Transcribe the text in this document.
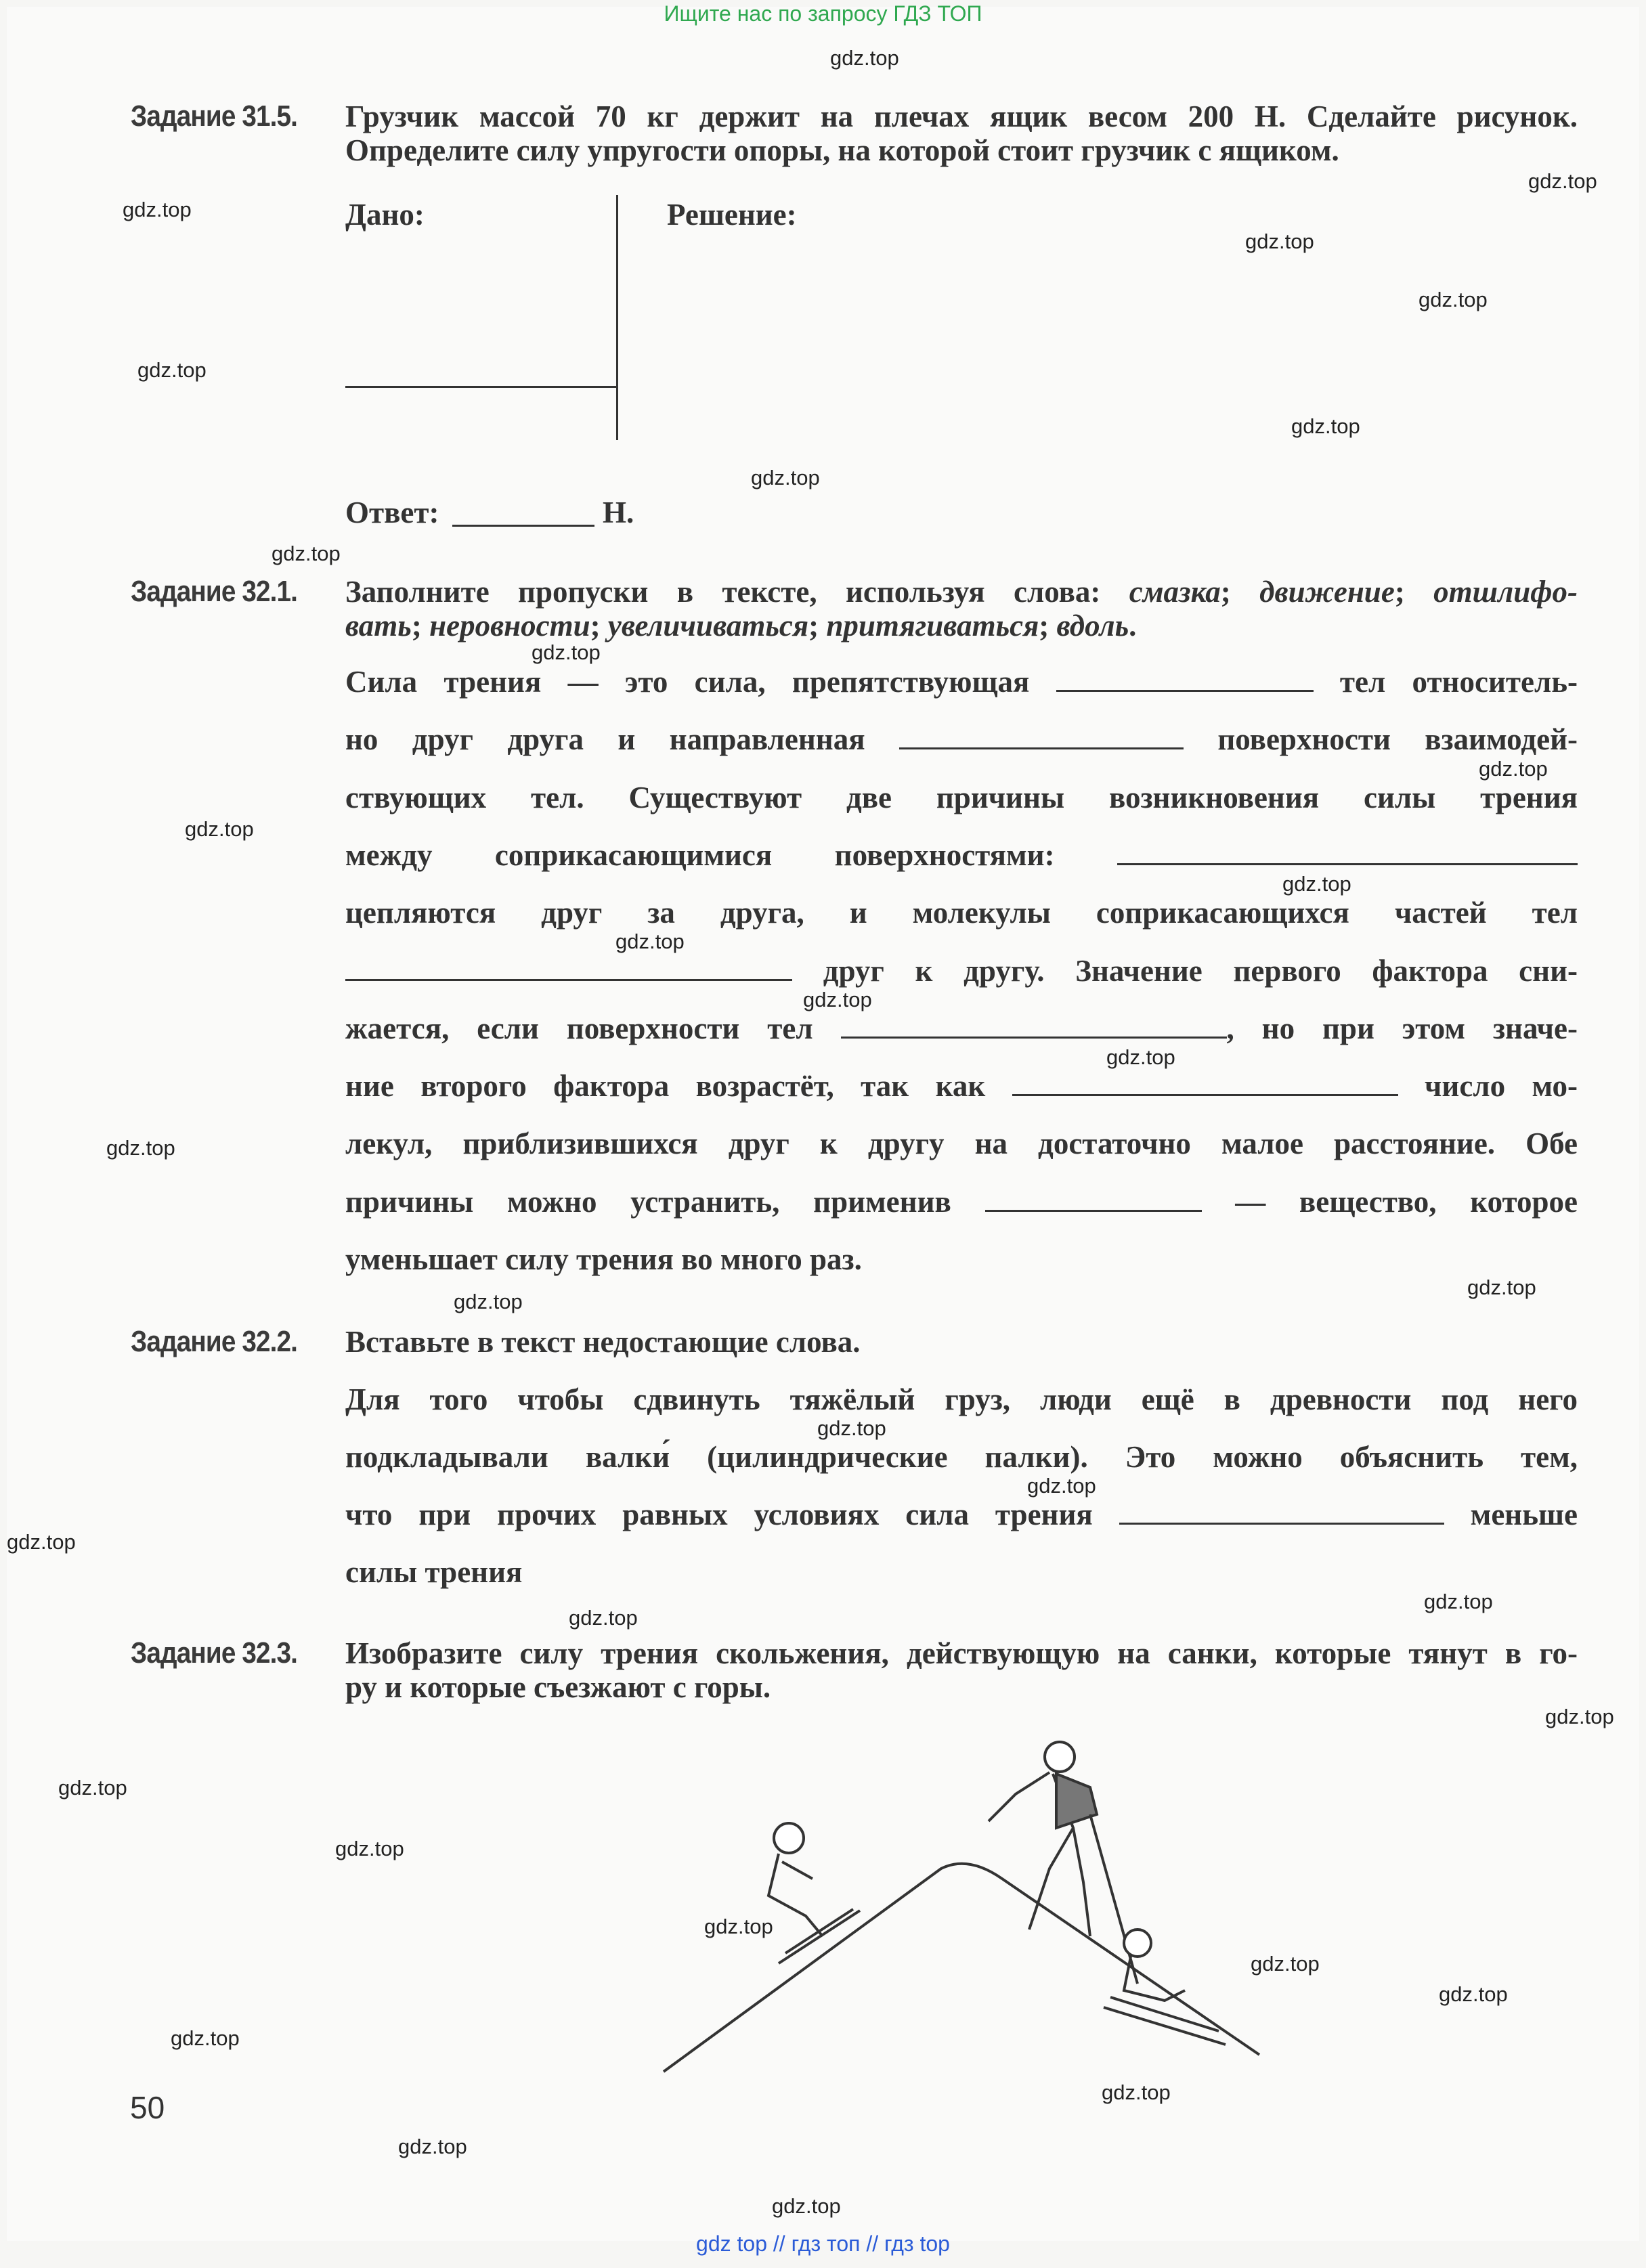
Ищите нас по запросу ГДЗ ТОП
Задание 31.5. Грузчик массой 70 кг держит на плечах ящик весом 200 Н. Сделайте рисунок.
Определите силу упругости опоры, на которой стоит грузчик с ящиком.
Дано:	Решение:
Ответ:	Н.
Задание 32.1. Заполните пропуски в тексте, используя слова: смазка; движение; отшлифо-
вать; неровности; увеличиваться; притягиваться; вдоль.
Сила трения — это сила, препятствующая	тел относитель-
но друг друга и направленная	поверхности взаимодей-
ствующих тел. Существуют две причины возникновения силы трения
между соприкасающимися поверхностями:
цепляются друг за друга, и молекулы соприкасающихся частей тел
друг к другу. Значение первого фактора сни-
жается, если поверхности тел	, но при этом значе-
ние второго фактора возрастёт, так как	число мо-
лекул, приблизившихся друг к другу на достаточно малое расстояние. Обе
причины можно устранить, применив	— вещество, которое
уменьшает силу трения во много раз.
Задание 32.2. Вставьте в текст недостающие слова.
Для того чтобы сдвинуть тяжёлый груз, люди ещё в древности под него
подкладывали валки́ (цилиндрические палки). Это можно объяснить тем,
что при прочих равных условиях сила трения	меньше
силы трения
Задание 32.3. Изобразите силу трения скольжения, действующую на санки, которые тянут в го-
ру и которые съезжают с горы.
50
gdz top // гдз топ // гдз top
gdz.top
gdz.top
gdz.top
gdz.top
gdz.top
gdz.top
gdz.top
gdz.top
gdz.top
gdz.top
gdz.top
gdz.top
gdz.top
gdz.top
gdz.top
gdz.top
gdz.top
gdz.top
gdz.top
gdz.top
gdz.top
gdz.top
gdz.top
gdz.top
gdz.top
gdz.top
gdz.top
gdz.top
gdz.top
gdz.top
gdz.top
gdz.top
gdz.top
gdz.top
